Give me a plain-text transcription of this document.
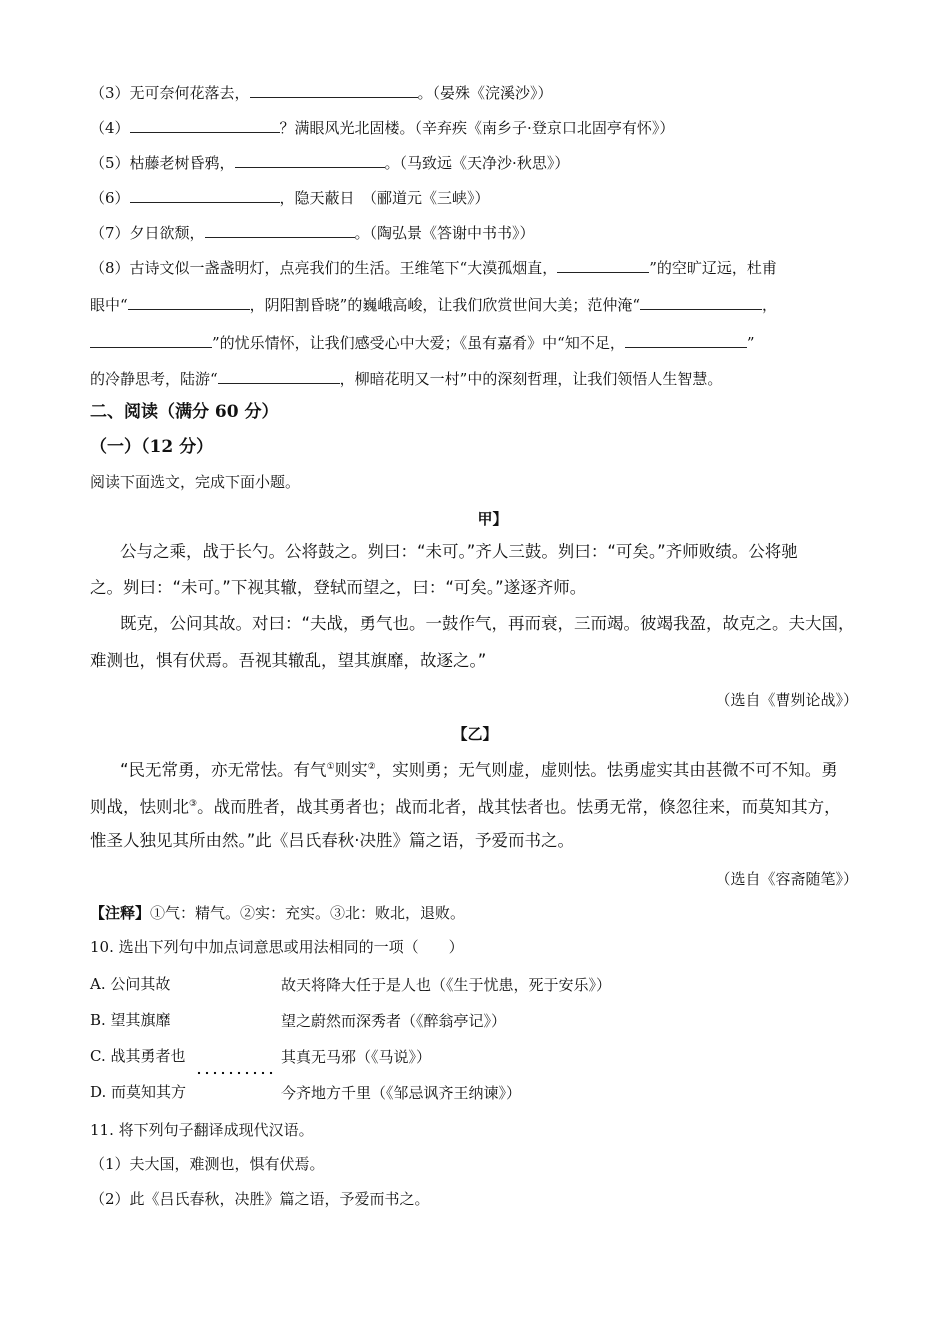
（3）无可奈何花落去，	。（晏殊《浣溪沙》）
（4）	？满眼风光北固楼。（辛弃疾《南乡子·登京口北固亭有怀》）
（5）枯藤老树昏鸦，	。（马致远《天净沙·秋思》）
（6）	，隐天蔽日　（郦道元《三峡》）
（7）夕日欲颓，	。（陶弘景《答谢中书书》）
（8）古诗文似一盏盏明灯，点亮我们的生活。王维笔下“大漠孤烟直，	”的空旷辽远，杜甫
眼中“	，阴阳割昏晓”的巍峨高峻，让我们欣赏世间大美；范仲淹“	，
”的忧乐情怀，让我们感受心中大爱；《虽有嘉肴》中“知不足，	”
的冷静思考，陆游“	，柳暗花明又一村”中的深刻哲理，让我们领悟人生智慧。
二、阅读（满分 60 分）
（一）（12 分）
阅读下面选文，完成下面小题。
甲】
公与之乘，战于长勺。公将鼓之。刿曰：“未可。”齐人三鼓。刿曰：“可矣。”齐师败绩。公将驰
之。刿曰：“未可。”下视其辙，登轼而望之，曰：“可矣。”遂逐齐师。
既克，公问其故。对曰：“夫战，勇气也。一鼓作气，再而衰，三而竭。彼竭我盈，故克之。夫大国，
难测也，惧有伏焉。吾视其辙乱，望其旗靡，故逐之。”
（选自《曹刿论战》）
【乙】
“民无常勇，亦无常怯。有气①则实②，实则勇；无气则虚，虚则怯。怯勇虚实其由甚微不可不知。勇
则战，怯则北③。战而胜者，战其勇者也；战而北者，战其怯者也。怯勇无常，倏忽往来，而莫知其方，
惟圣人独见其所由然。”此《吕氏春秋·决胜》篇之语，予爱而书之。
（选自《容斋随笔》）
【注释】①气：精气。②实：充实。③北：败北，退败。
10. 选出下列句中加点词意思或用法相同的一项（　　）
A. 公问其故	故天将降大任于是人也（《生于忧患，死于安乐》）
B. 望其旗靡	望之蔚然而深秀者（《醉翁亭记》）
C. 战其勇者也	其真无马邪（《马说》）
D. 而莫知其方	今齐地方千里（《邹忌讽齐王纳谏》）
11. 将下列句子翻译成现代汉语。
（1）夫大国，难测也，惧有伏焉。
（2）此《吕氏春秋，决胜》篇之语，予爱而书之。
